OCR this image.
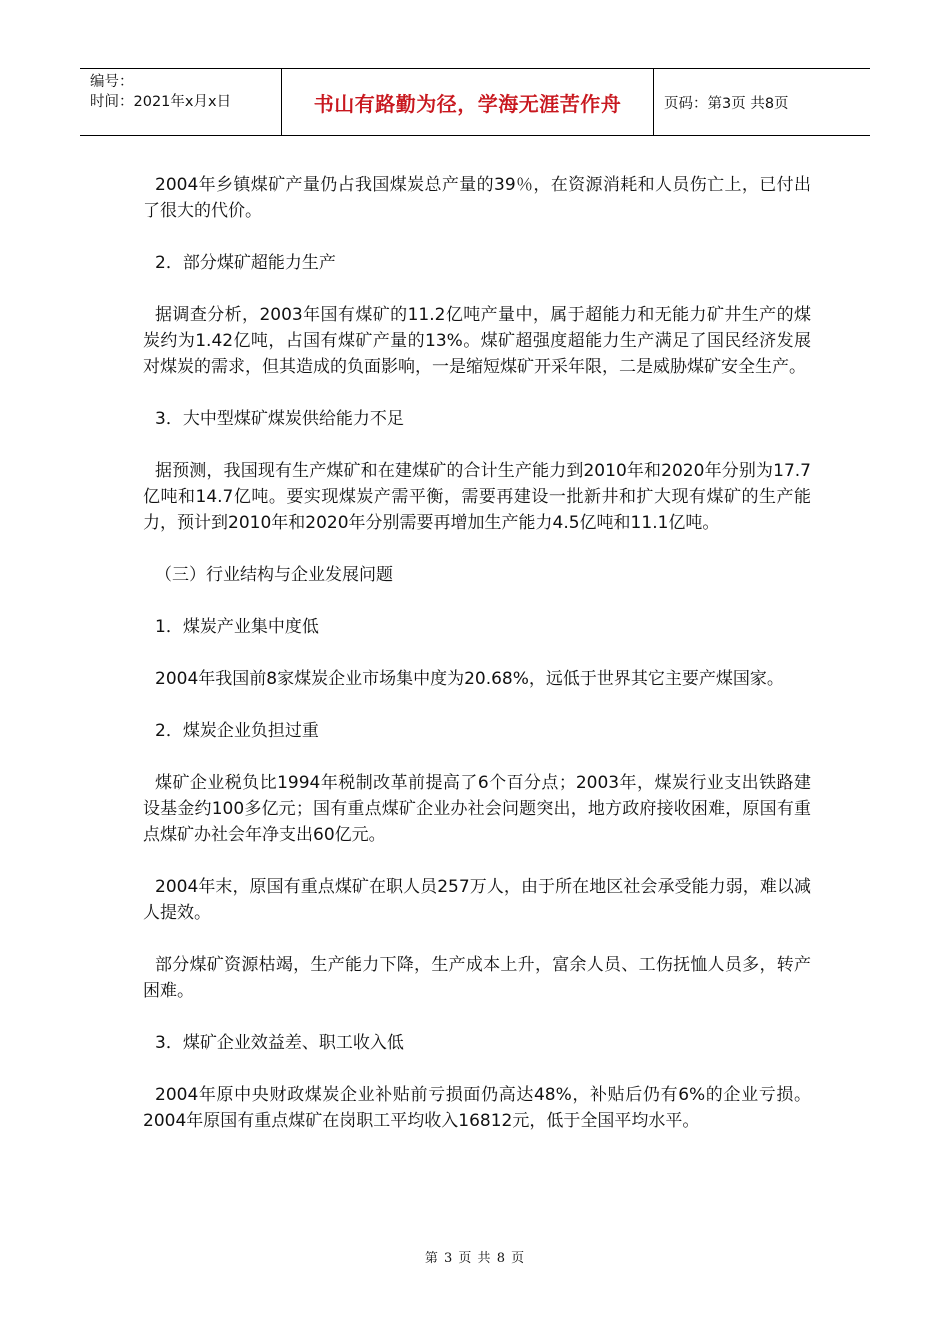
编号：
时间：2021年x月x日	书山有路勤为径，学海无涯苦作舟	页码：第3页 共8页

2004年乡镇煤矿产量仍占我国煤炭总产量的39％，在资源消耗和人员伤亡上，已付出了很大的代价。

2．部分煤矿超能力生产

据调查分析，2003年国有煤矿的11.2亿吨产量中，属于超能力和无能力矿井生产的煤炭约为1.42亿吨，占国有煤矿产量的13%。煤矿超强度超能力生产满足了国民经济发展对煤炭的需求，但其造成的负面影响，一是缩短煤矿开采年限，二是威胁煤矿安全生产。

3．大中型煤矿煤炭供给能力不足

据预测，我国现有生产煤矿和在建煤矿的合计生产能力到2010年和2020年分别为17.7亿吨和14.7亿吨。要实现煤炭产需平衡，需要再建设一批新井和扩大现有煤矿的生产能力，预计到2010年和2020年分别需要再增加生产能力4.5亿吨和11.1亿吨。

（三）行业结构与企业发展问题

1．煤炭产业集中度低

2004年我国前8家煤炭企业市场集中度为20.68%，远低于世界其它主要产煤国家。

2．煤炭企业负担过重

煤矿企业税负比1994年税制改革前提高了6个百分点；2003年，煤炭行业支出铁路建设基金约100多亿元；国有重点煤矿企业办社会问题突出，地方政府接收困难，原国有重点煤矿办社会年净支出60亿元。

2004年末，原国有重点煤矿在职人员257万人，由于所在地区社会承受能力弱，难以减人提效。

部分煤矿资源枯竭，生产能力下降，生产成本上升，富余人员、工伤抚恤人员多，转产困难。

3．煤矿企业效益差、职工收入低

2004年原中央财政煤炭企业补贴前亏损面仍高达48%，补贴后仍有6%的企业亏损。2004年原国有重点煤矿在岗职工平均收入16812元，低于全国平均水平。

第 3 页 共 8 页
